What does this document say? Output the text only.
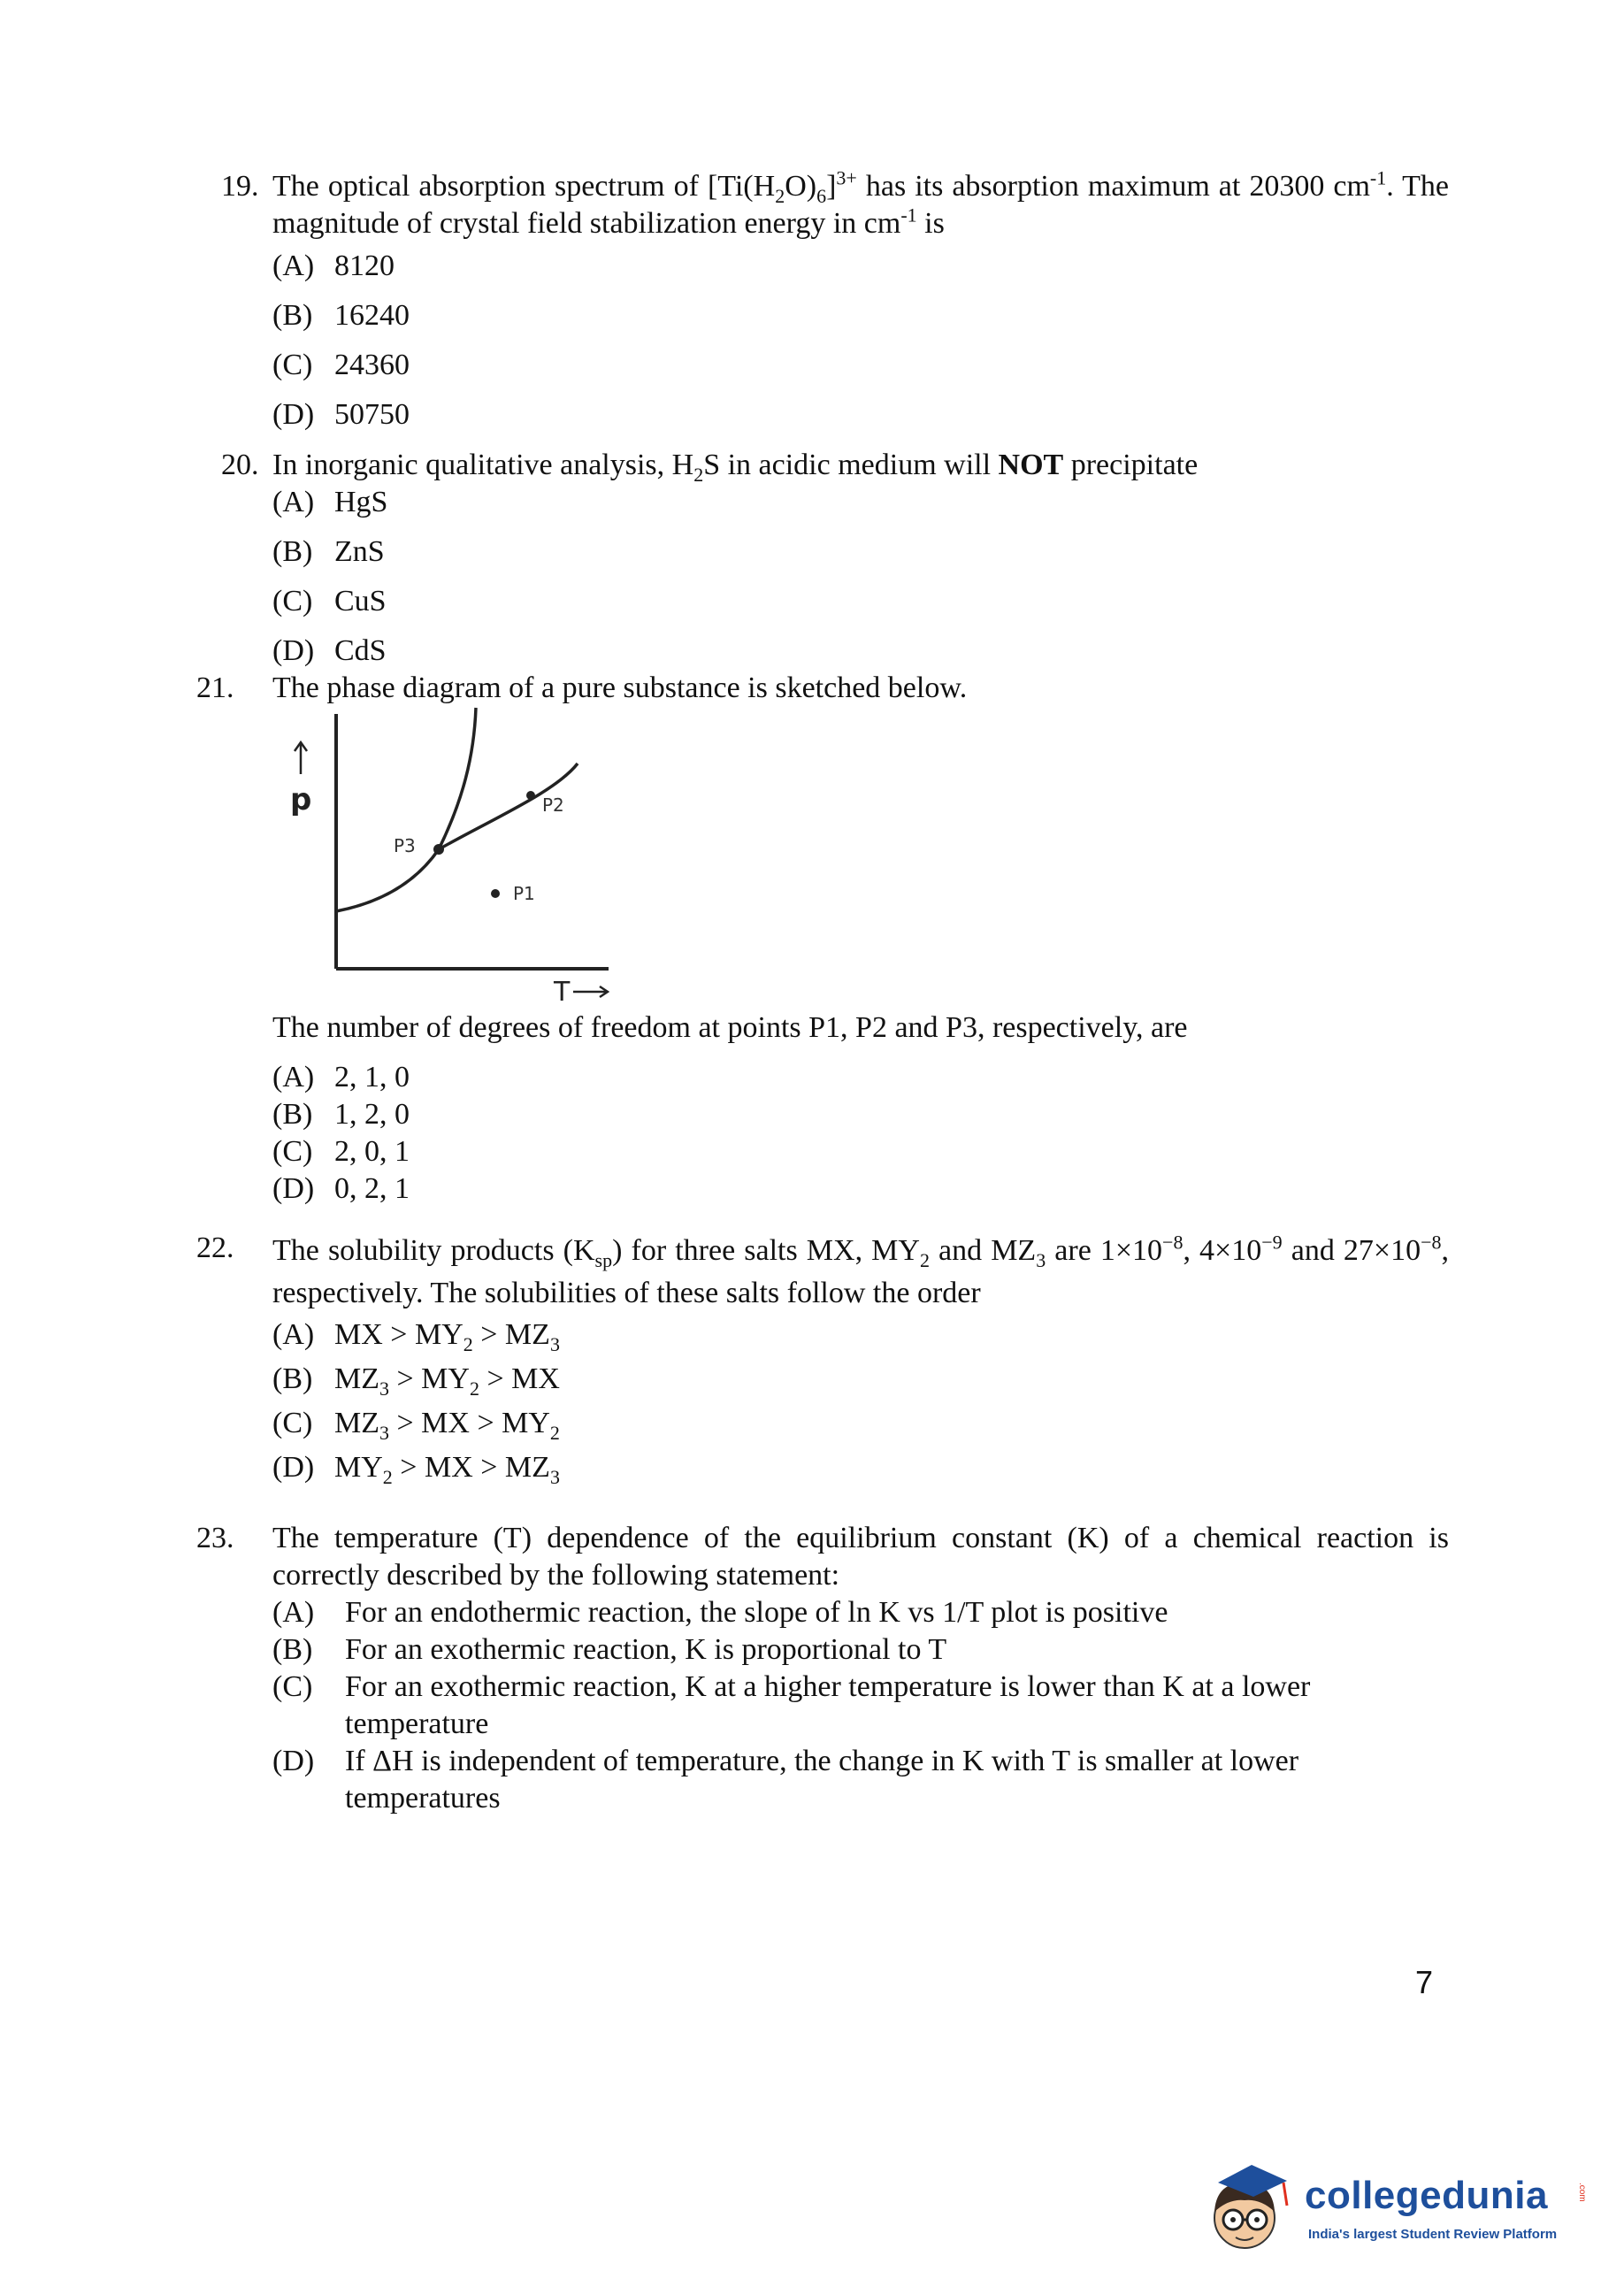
19. The optical absorption spectrum of $[Ti(H_2O)_6]^{3+}$ has its absorption maximum at 20300 $cm^{-1}$. The magnitude of crystal field stabilization energy in $cm^{-1}$ is
(A) 8120
(B) 16240
(C) 24360
(D) 50750
20. In inorganic qualitative analysis, $H_2S$ in acidic medium will NOT precipitate
(A) HgS
(B) ZnS
(C) CuS
(D) CdS
21. The phase diagram of a pure substance is sketched below.
P3
P2
P1
p
T
The number of degrees of freedom at points P1, P2 and P3, respectively, are
(A) 2, 1, 0
(B) 1, 2, 0
(C) 2, 0, 1
(D) 0, 2, 1
22. The solubility products $(K_{sp})$ for three salts MX, $MY_2$ and $MZ_3$ are $1\times 10^{-8}$, $4\times 10^{-9}$ and $27\times 10^{-8}$, respectively. The solubilities of these salts follow the order
(A) MX > $MY_2 > MZ_3$
(B) $MZ_3 > MY_2$ > MX
(C) $MZ_3$ > MX > $MY_2$
(D) $MY_2$ > MX > $MZ_3$
23. The temperature (T) dependence of the equilibrium constant (K) of a chemical reaction is correctly described by the following statement:
(A) For an endothermic reaction, the slope of ln K vs 1/T plot is positive
(B) For an exothermic reaction, K is proportional to T
(C) For an exothermic reaction, K at a higher temperature is lower than K at a lower temperature
(D) If ΔH is independent of temperature, the change in K with T is smaller at lower temperatures
7
collegedunia	.com
India's largest Student Review Platform
